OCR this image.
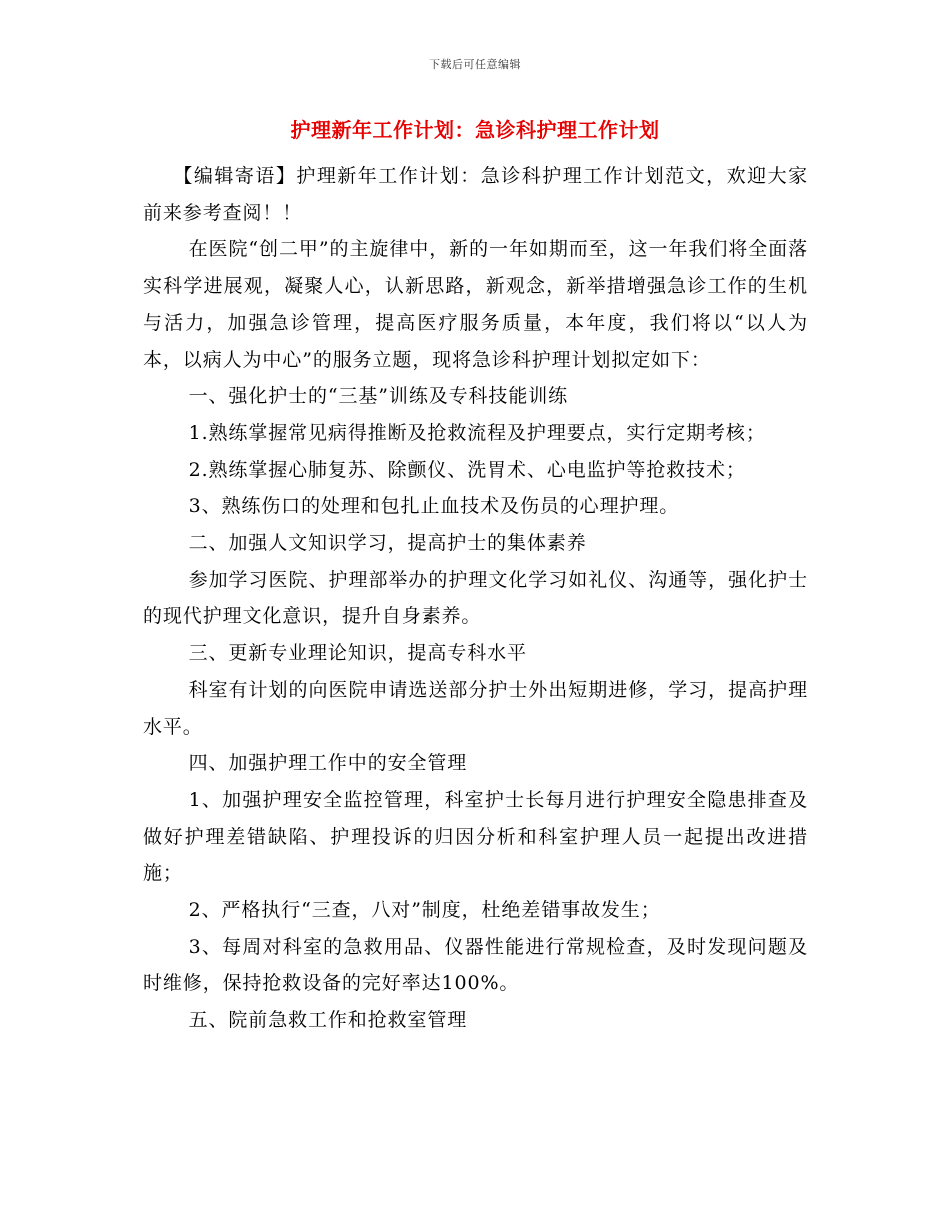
下载后可任意编辑
护理新年工作计划：急诊科护理工作计划

【编辑寄语】护理新年工作计划：急诊科护理工作计划范文，欢迎大家前来参考查阅！！

在医院“创二甲”的主旋律中，新的一年如期而至，这一年我们将全面落实科学进展观，凝聚人心，认新思路，新观念，新举措增强急诊工作的生机与活力，加强急诊管理，提高医疗服务质量，本年度，我们将以“以人为本，以病人为中心”的服务立题，现将急诊科护理计划拟定如下：

一、强化护士的“三基”训练及专科技能训练

1.熟练掌握常见病得推断及抢救流程及护理要点，实行定期考核；

2.熟练掌握心肺复苏、除颤仪、洗胃术、心电监护等抢救技术；

3、熟练伤口的处理和包扎止血技术及伤员的心理护理。

二、加强人文知识学习，提高护士的集体素养

参加学习医院、护理部举办的护理文化学习如礼仪、沟通等，强化护士的现代护理文化意识，提升自身素养。

三、更新专业理论知识，提高专科水平

科室有计划的向医院申请选送部分护士外出短期进修，学习，提高护理水平。

四、加强护理工作中的安全管理

1、加强护理安全监控管理，科室护士长每月进行护理安全隐患排查及做好护理差错缺陷、护理投诉的归因分析和科室护理人员一起提出改进措施；

2、严格执行“三查，八对”制度，杜绝差错事故发生；

3、每周对科室的急救用品、仪器性能进行常规检查，及时发现问题及时维修，保持抢救设备的完好率达100%。

五、院前急救工作和抢救室管理
